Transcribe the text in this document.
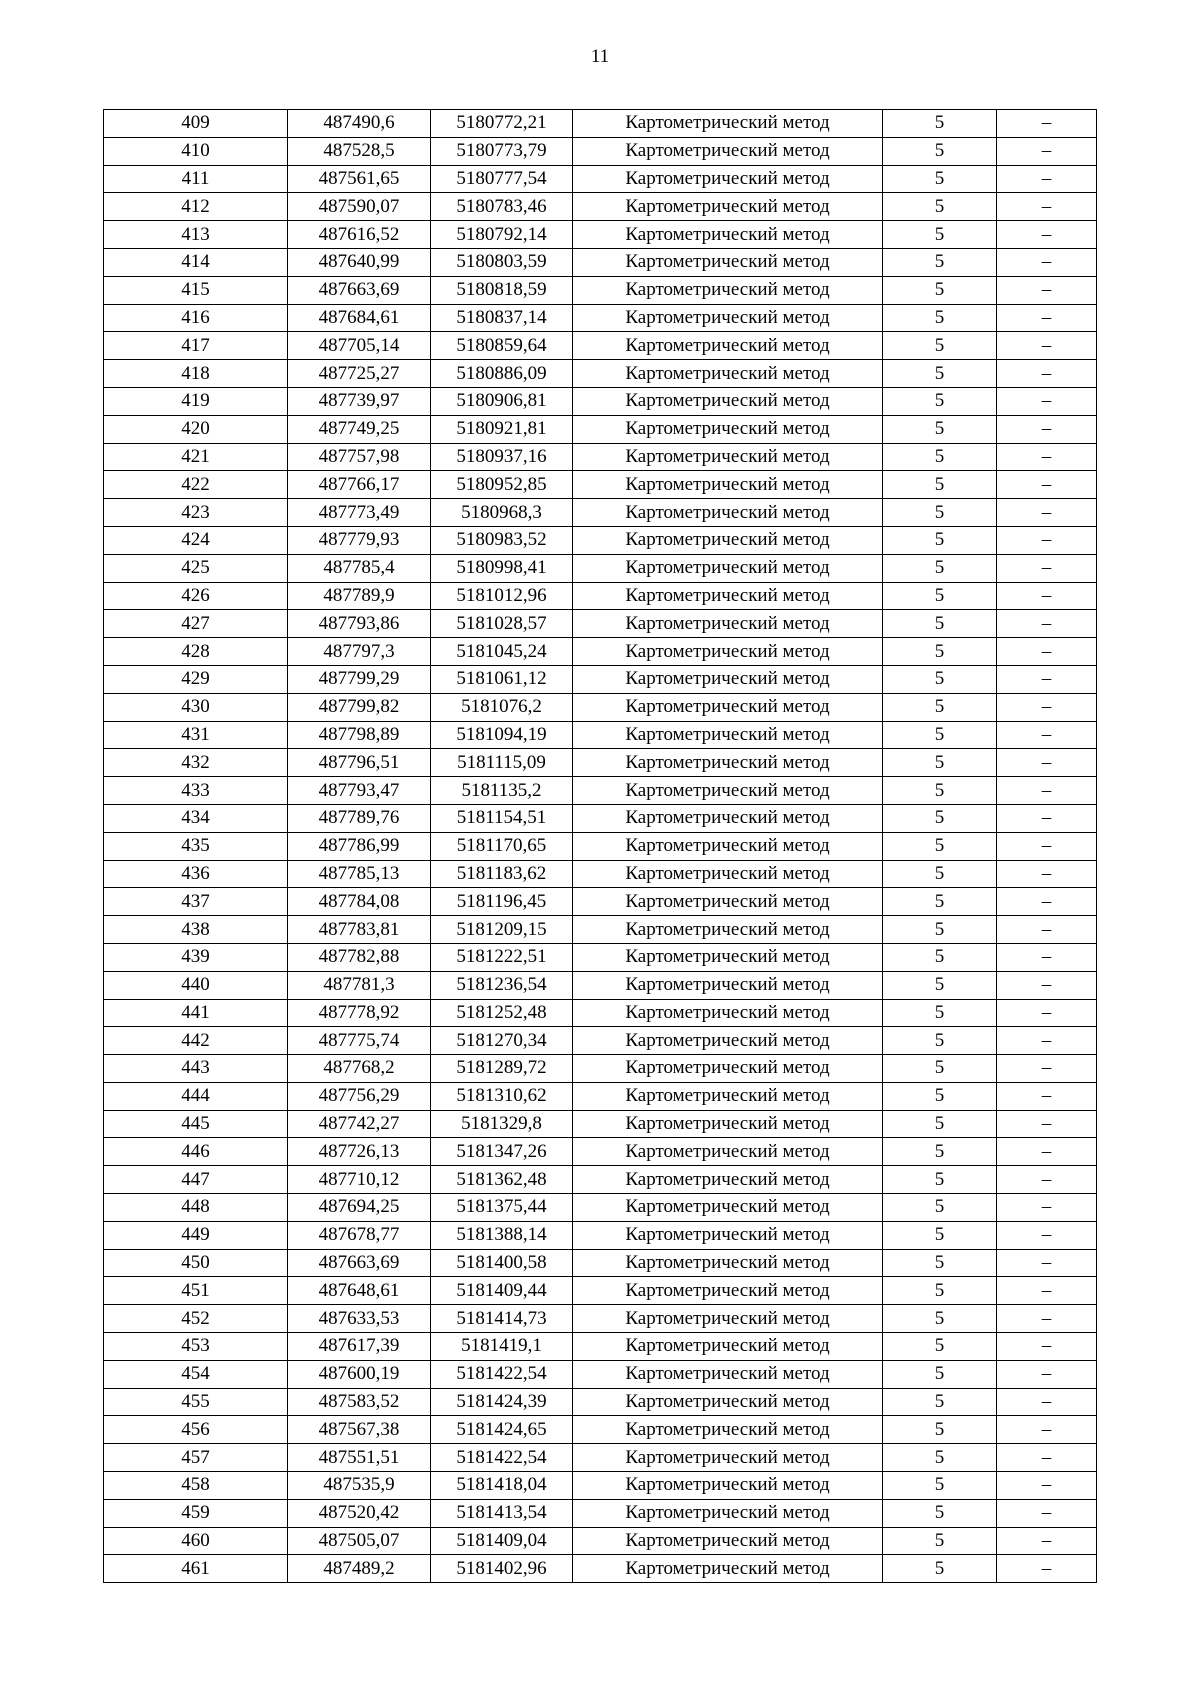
11
409	487490,6	5180772,21	Картометрический метод	5	–
410	487528,5	5180773,79	Картометрический метод	5	–
411	487561,65	5180777,54	Картометрический метод	5	–
412	487590,07	5180783,46	Картометрический метод	5	–
413	487616,52	5180792,14	Картометрический метод	5	–
414	487640,99	5180803,59	Картометрический метод	5	–
415	487663,69	5180818,59	Картометрический метод	5	–
416	487684,61	5180837,14	Картометрический метод	5	–
417	487705,14	5180859,64	Картометрический метод	5	–
418	487725,27	5180886,09	Картометрический метод	5	–
419	487739,97	5180906,81	Картометрический метод	5	–
420	487749,25	5180921,81	Картометрический метод	5	–
421	487757,98	5180937,16	Картометрический метод	5	–
422	487766,17	5180952,85	Картометрический метод	5	–
423	487773,49	5180968,3	Картометрический метод	5	–
424	487779,93	5180983,52	Картометрический метод	5	–
425	487785,4	5180998,41	Картометрический метод	5	–
426	487789,9	5181012,96	Картометрический метод	5	–
427	487793,86	5181028,57	Картометрический метод	5	–
428	487797,3	5181045,24	Картометрический метод	5	–
429	487799,29	5181061,12	Картометрический метод	5	–
430	487799,82	5181076,2	Картометрический метод	5	–
431	487798,89	5181094,19	Картометрический метод	5	–
432	487796,51	5181115,09	Картометрический метод	5	–
433	487793,47	5181135,2	Картометрический метод	5	–
434	487789,76	5181154,51	Картометрический метод	5	–
435	487786,99	5181170,65	Картометрический метод	5	–
436	487785,13	5181183,62	Картометрический метод	5	–
437	487784,08	5181196,45	Картометрический метод	5	–
438	487783,81	5181209,15	Картометрический метод	5	–
439	487782,88	5181222,51	Картометрический метод	5	–
440	487781,3	5181236,54	Картометрический метод	5	–
441	487778,92	5181252,48	Картометрический метод	5	–
442	487775,74	5181270,34	Картометрический метод	5	–
443	487768,2	5181289,72	Картометрический метод	5	–
444	487756,29	5181310,62	Картометрический метод	5	–
445	487742,27	5181329,8	Картометрический метод	5	–
446	487726,13	5181347,26	Картометрический метод	5	–
447	487710,12	5181362,48	Картометрический метод	5	–
448	487694,25	5181375,44	Картометрический метод	5	–
449	487678,77	5181388,14	Картометрический метод	5	–
450	487663,69	5181400,58	Картометрический метод	5	–
451	487648,61	5181409,44	Картометрический метод	5	–
452	487633,53	5181414,73	Картометрический метод	5	–
453	487617,39	5181419,1	Картометрический метод	5	–
454	487600,19	5181422,54	Картометрический метод	5	–
455	487583,52	5181424,39	Картометрический метод	5	–
456	487567,38	5181424,65	Картометрический метод	5	–
457	487551,51	5181422,54	Картометрический метод	5	–
458	487535,9	5181418,04	Картометрический метод	5	–
459	487520,42	5181413,54	Картометрический метод	5	–
460	487505,07	5181409,04	Картометрический метод	5	–
461	487489,2	5181402,96	Картометрический метод	5	–
